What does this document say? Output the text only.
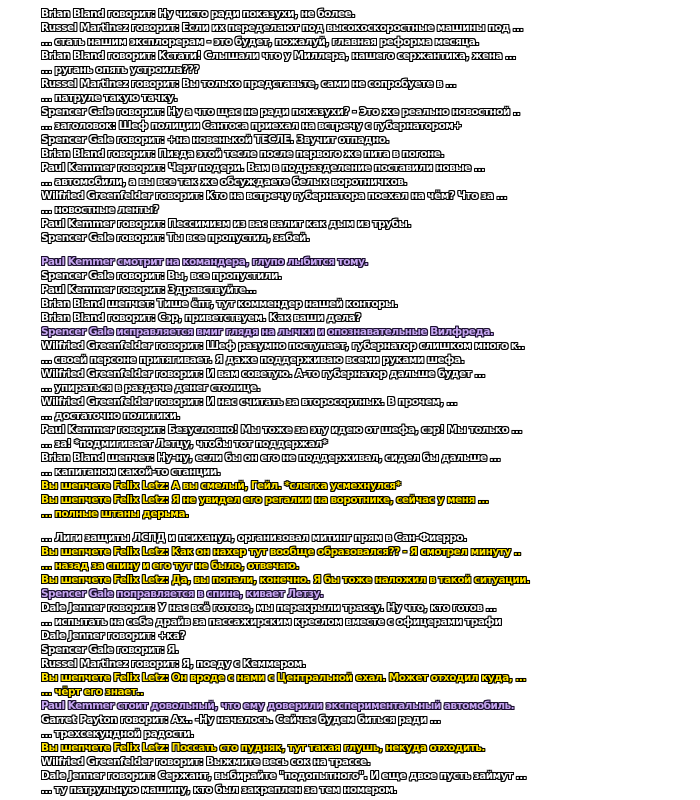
Brian Bland говорит: Ну чисто ради показухи, не более.
Russel Martinez говорит: Если их переделают под высокоскоростные машины под ...
... стать нашим эксплорерам - это будет, пожалуй, главная реформа месяца.
Brian Bland говорит: Кстати! Слышали что у Миллера, нашего сержантика, жена ...
... ругань опять устроила???
Russel Martinez говорит: Вы только представьте, сами не сопробуете в ...
... патруле такую тачку.
Spencer Gale говорит: Ну а что щас не ради показухи? - Это же реально новостной ..
... заголовок: Шеф полиции Сантоса приехал на встречу с губернатором+
Spencer Gale говорит: +на новенькой TECЛE. Звучит отпадно.
Brian Bland говорит: Пизда этой тесле после первого же пита в погоне.
Paul Kemmer говорит: Черт подери. Вам в подразделение поставили новые ...
... автомобили, а вы все так же обсуждаете белых воротничков.
Wilfried Greenfelder говорит: Кто на встречу губернатора поехал на чём? Что за ...
... новостные ленты?
Paul Kemmer говорит: Пессимизм из вас валит как дым из трубы.
Spencer Gale говорит: Ты все пропустил, забей.
Paul Kemmer смотрит на командера, глупо лыбится тому.
Spencer Gale говорит: Вы, все пропустили.
Paul Kemmer говорит: Здравствуйте...
Brian Bland шепчет: Тише ёпт, тут коммендер нашей конторы.
Brian Bland говорит: Сэр, приветствуем. Как ваши дела?
Spencer Gale исправляется вмиг глядя на лычки и опознавательные Вилфреда.
Wilfried Greenfelder говорит: Шеф разумно поступает, губернатор слишком много к..
... своей персоне притягивает. Я даже поддерживаю всеми руками шефа.
Wilfried Greenfelder говорит: И вам советую. А-то губернатор дальше будет ...
... упираться в раздаче денег столице.
Wilfried Greenfelder говорит: И нас считать за второсортных. В прочем, ...
... достаточно политики.
Paul Kemmer говорит: Безусловно! Мы тоже за эту идею от шефа, сэр! Мы только ...
... за! *подмигивает Летцу, чтобы тот поддержал*
Brian Bland шепчет: Ну-ну, если бы он его не поддерживал, сидел бы дальше ...
... капитаном какой-то станции.
Вы шепчете Felix Letz: А вы смелый, Гейл. *слегка усмехнулся*
Вы шепчете Felix Letz: Я не увидел его регалии на воротнике, сейчас у меня ...
... полные штаны дерьма.
... Лиги защиты ЛСПД и психанул, организовал митинг прям в Сан-Фиерро.
Вы шепчете Felix Letz: Как он нахер тут вообще образовался?? - Я смотрел минуту ..
... назад за спину и его тут не было, отвечаю.
Вы шепчете Felix Letz: Да, вы попали, конечно. Я бы тоже наложил в такой ситуации.
Spencer Gale поправляется в спине, кивает Летзу.
Dale Jenner говорит: У нас всё готово, мы перекрыли трассу. Ну что, кто готов ...
... испытать на себе драйв за пассажирским креслом вместе с офицерами трафи
Dale Jenner говорит: +ка?
Spencer Gale говорит: Я.
Russel Martinez говорит: Я, поеду с Кеммером.
Вы шепчете Felix Letz: Он вроде с нами с Центральной ехал. Может отходил куда, ...
... чёрт его знает..
Paul Kemmer стоит довольный, что ему доверили экспериментальный автомобиль.
Garret Payton говорит: Ах.. -Ну началось. Сейчас будем биться ради ...
... трехсекундной радости.
Вы шепчете Felix Letz: Поссать сто пудняк, тут такая глушь, некуда отходить.
Wilfried Greenfelder говорит: Выжмите весь сок на трассе.
Dale Jenner говорит: Сержант, выбирайте "подопытного". И еще двое пусть займут ...
... ту патрульную машину, кто был закреплен за тем номером.
